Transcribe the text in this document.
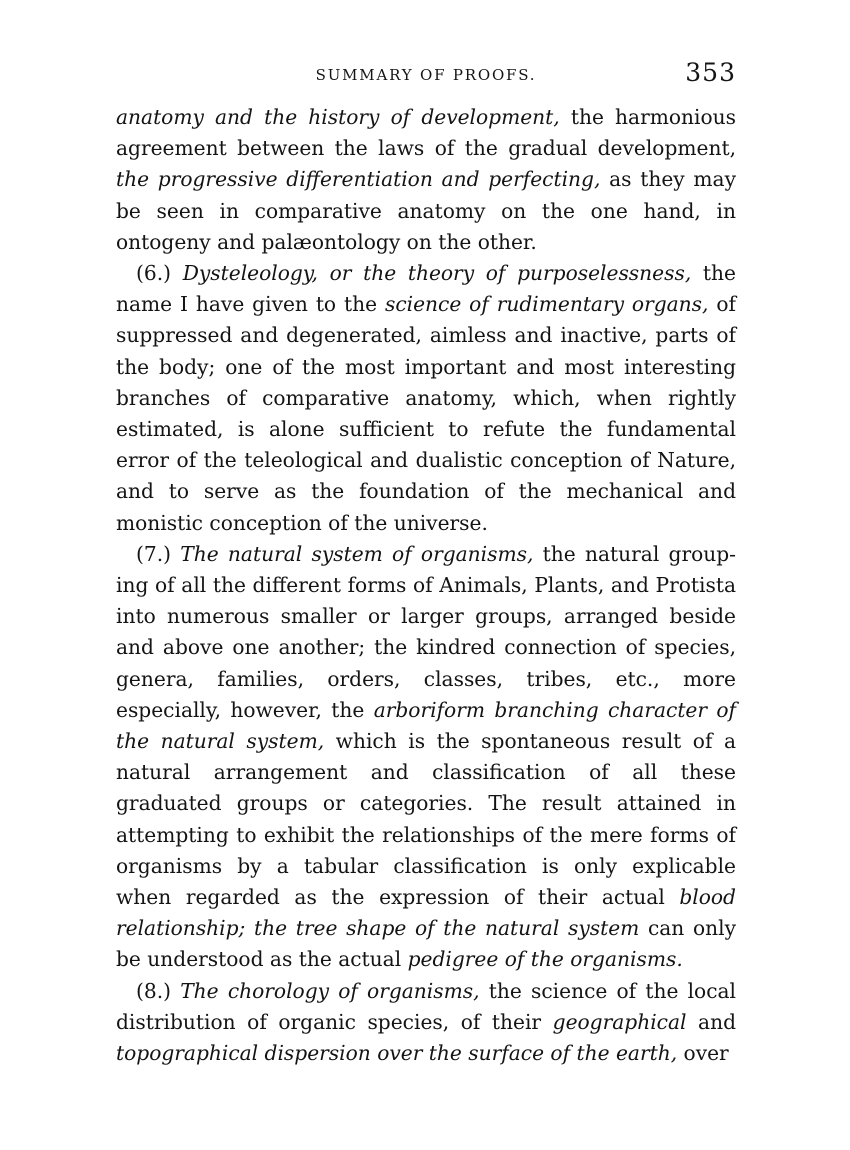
SUMMARY OF PROOFS.	353

anatomy and the history of development, the harmonious agreement between the laws of the gradual development, the progressive differentiation and perfecting, as they may be seen in comparative anatomy on the one hand, in ontogeny and palæontology on the other.

(6.) Dysteleology, or the theory of purposelessness, the name I have given to the science of rudimentary organs, of suppressed and degenerated, aimless and inactive, parts of the body; one of the most important and most interesting branches of comparative anatomy, which, when rightly estimated, is alone sufficient to refute the fundamental error of the teleological and dualistic conception of Nature, and to serve as the foundation of the mechanical and monistic conception of the universe.

(7.) The natural system of organisms, the natural grouping of all the different forms of Animals, Plants, and Protista into numerous smaller or larger groups, arranged beside and above one another; the kindred connection of species, genera, families, orders, classes, tribes, etc., more especially, however, the arboriform branching character of the natural system, which is the spontaneous result of a natural arrangement and classification of all these graduated groups or categories. The result attained in attempting to exhibit the relationships of the mere forms of organisms by a tabular classification is only explicable when regarded as the expression of their actual blood relationship; the tree shape of the natural system can only be understood as the actual pedigree of the organisms.

(8.) The chorology of organisms, the science of the local distribution of organic species, of their geographical and topographical dispersion over the surface of the earth, over
